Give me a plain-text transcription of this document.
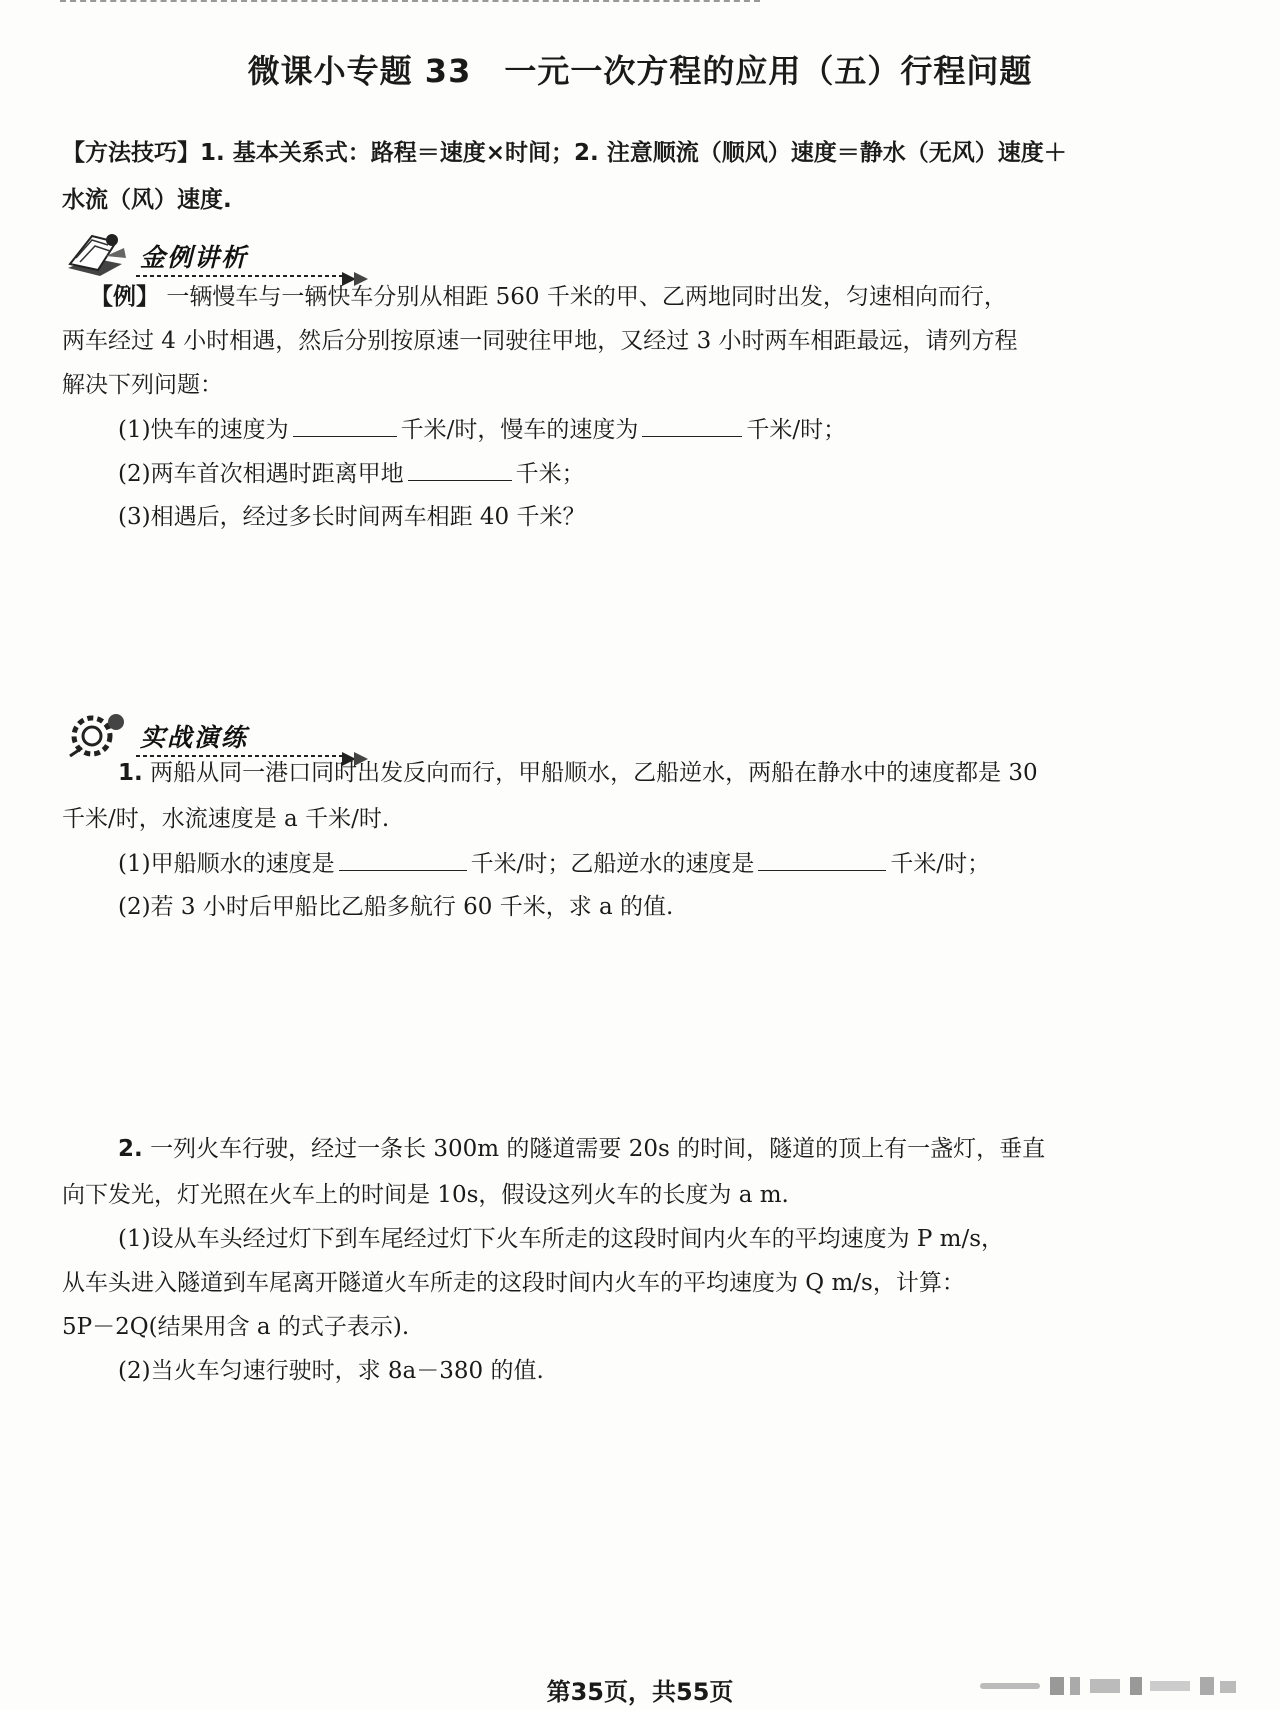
微课小专题 33　一元一次方程的应用（五）行程问题
【方法技巧】1. 基本关系式：路程＝速度×时间；2. 注意顺流（顺风）速度＝静水（无风）速度＋
水流（风）速度.
金例讲析
【例】 一辆慢车与一辆快车分别从相距 560 千米的甲、乙两地同时出发，匀速相向而行，
两车经过 4 小时相遇，然后分别按原速一同驶往甲地，又经过 3 小时两车相距最远，请列方程
解决下列问题：
(1)快车的速度为	千米/时，慢车的速度为	千米/时；
(2)两车首次相遇时距离甲地	千米；
(3)相遇后，经过多长时间两车相距 40 千米？
实战演练
1. 两船从同一港口同时出发反向而行，甲船顺水，乙船逆水，两船在静水中的速度都是 30
千米/时，水流速度是 a 千米/时.
(1)甲船顺水的速度是	千米/时；乙船逆水的速度是	千米/时；
(2)若 3 小时后甲船比乙船多航行 60 千米，求 a 的值.
2. 一列火车行驶，经过一条长 300m 的隧道需要 20s 的时间，隧道的顶上有一盏灯，垂直
向下发光，灯光照在火车上的时间是 10s，假设这列火车的长度为 a m.
(1)设从车头经过灯下到车尾经过灯下火车所走的这段时间内火车的平均速度为 P m/s，
从车头进入隧道到车尾离开隧道火车所走的这段时间内火车的平均速度为 Q m/s，计算：
5P－2Q(结果用含 a 的式子表示).
(2)当火车匀速行驶时，求 8a－380 的值.
第35页，共55页
